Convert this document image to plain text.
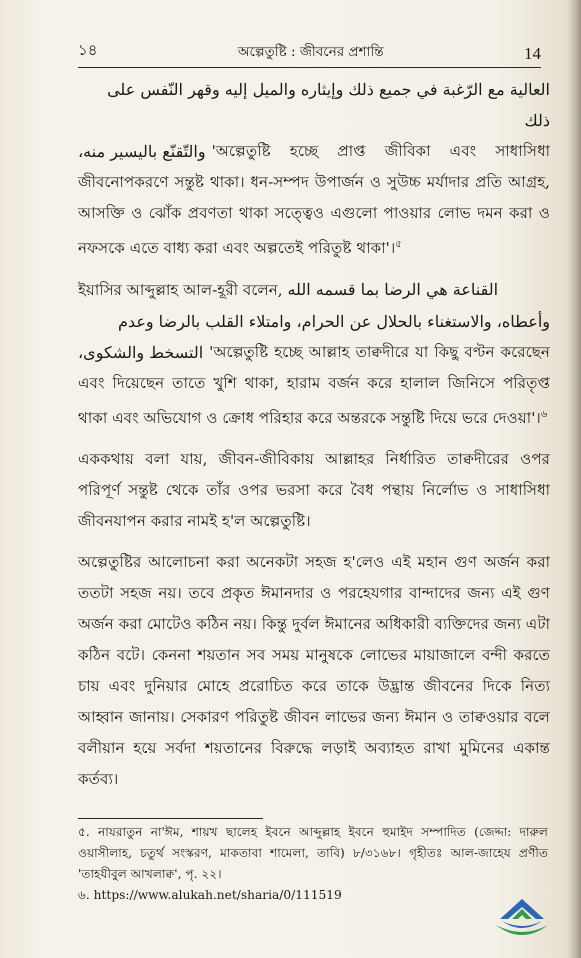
১৪	অল্পেতুষ্টি : জীবনের প্রশান্তি	14

العالية مع الرّغبة في جميع ذلك وإيثاره والميل إليه وقهر النّفس على ذلك
والتّقنّع باليسير منه، 'অল্পেতুষ্টি হচ্ছে প্রাপ্ত জীবিকা এবং সাধাসিধা জীবনোপকরণে সন্তুষ্ট থাকা। ধন-সম্পদ উপার্জন ও সুউচ্চ মর্যাদার প্রতি আগ্রহ, আসক্তি ও ঝোঁক প্রবণতা থাকা সত্ত্বেও এগুলো পাওয়ার লোভ দমন করা ও নফসকে এতে বাধ্য করা এবং অল্পতেই পরিতুষ্ট থাকা'।$^৫$

ইয়াসির আব্দুল্লাহ আল-হূরী বলেন, القناعة هي الرضا بما قسمه الله
وأعطاه، والاستغناء بالحلال عن الحرام، وامتلاء القلب بالرضا وعدم
التسخط والشكوى، 'অল্পেতুষ্টি হচ্ছে আল্লাহ তাক্বদীরে যা কিছু বণ্টন করেছেন এবং দিয়েছেন তাতে খুশি থাকা, হারাম বর্জন করে হালাল জিনিসে পরিতৃপ্ত থাকা এবং অভিযোগ ও ক্রোধ পরিহার করে অন্তরকে সন্তুষ্টি দিয়ে ভরে দেওয়া'।$^৬$

এককথায় বলা যায়, জীবন-জীবিকায় আল্লাহর নির্ধারিত তাক্বদীরের ওপর পরিপূর্ণ সন্তুষ্ট থেকে তাঁর ওপর ভরসা করে বৈধ পন্থায় নির্লোভ ও সাধাসিধা জীবনযাপন করার নামই হ'ল অল্পেতুষ্টি।

অল্পেতুষ্টির আলোচনা করা অনেকটা সহজ হ'লেও এই মহান গুণ অর্জন করা ততটা সহজ নয়। তবে প্রকৃত ঈমানদার ও পরহেযগার বান্দাদের জন্য এই গুণ অর্জন করা মোটেও কঠিন নয়। কিন্তু দুর্বল ঈমানের অধিকারী ব্যক্তিদের জন্য এটা কঠিন বটে। কেননা শয়তান সব সময় মানুষকে লোভের মায়াজালে বন্দী করতে চায় এবং দুনিয়ার মোহে প্ররোচিত করে তাকে উদ্ভ্রান্ত জীবনের দিকে নিত্য আহ্বান জানায়। সেকারণ পরিতুষ্ট জীবন লাভের জন্য ঈমান ও তাক্বওয়ার বলে বলীয়ান হয়ে সর্বদা শয়তানের বিরুদ্ধে লড়াই অব্যাহত রাখা মুমিনের একান্ত কর্তব্য।

৫. নাযরাতুন না'ঈম, শায়খ ছালেহ ইবনে আব্দুল্লাহ ইবনে হুমাইদ সম্পাদিত (জেদ্দা: দারুল ওয়াসীলাহ, চতুর্থ সংস্করণ, মাকতাবা শামেলা, তাবি) ৮/৩১৬৮। গৃহীতঃ আল-জাহেয প্রণীত 'তাহযীবুল আখলাক্ব', পৃ. ২২।
৬. https://www.alukah.net/sharia/0/111519
